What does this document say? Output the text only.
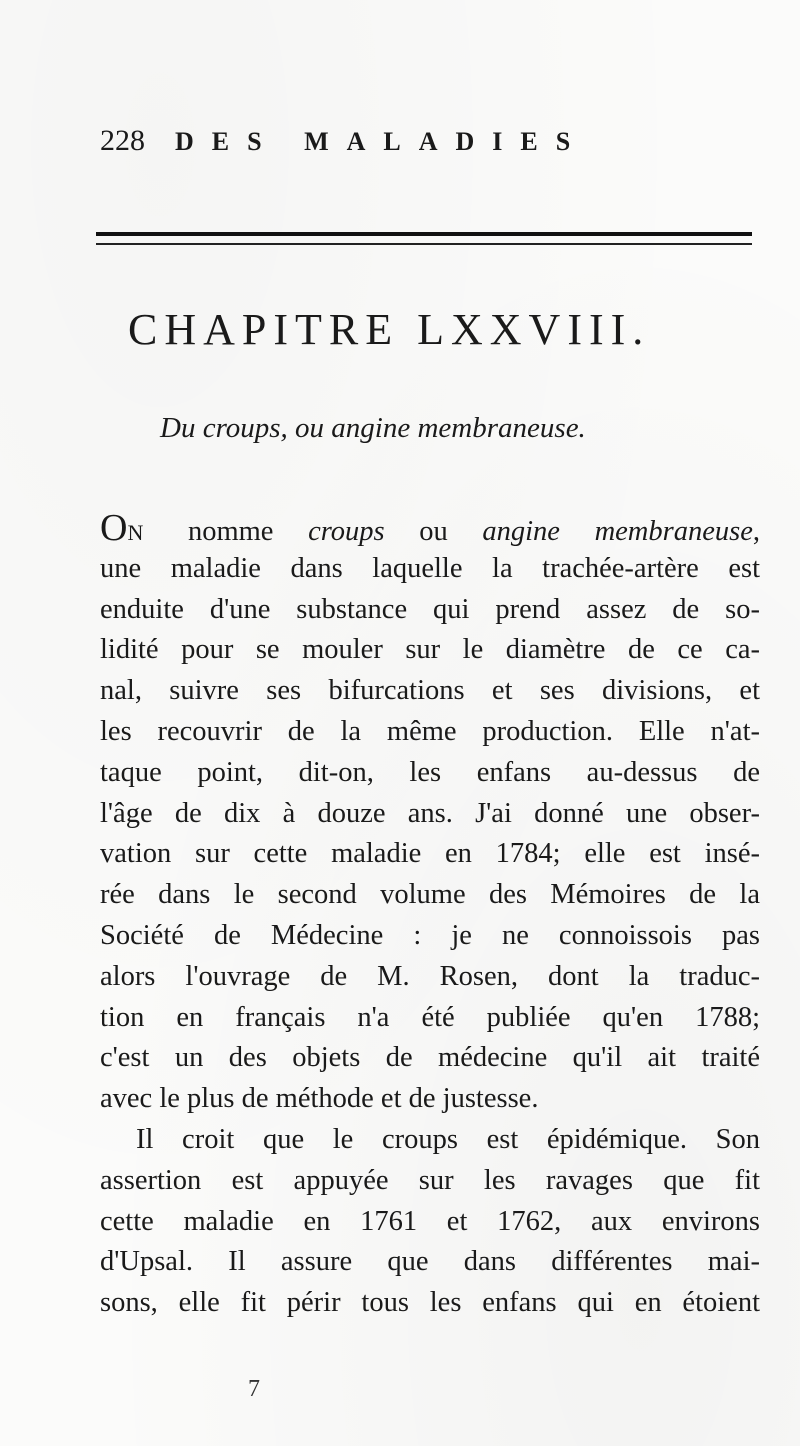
228 DES MALADIES
CHAPITRE LXXVIII.
Du croups, ou angine membraneuse.
ON nomme croups ou angine membraneuse,
une maladie dans laquelle la trachée-artère est
enduite d'une substance qui prend assez de so-
lidité pour se mouler sur le diamètre de ce ca-
nal, suivre ses bifurcations et ses divisions, et
les recouvrir de la même production. Elle n'at-
taque point, dit-on, les enfans au-dessus de
l'âge de dix à douze ans. J'ai donné une obser-
vation sur cette maladie en 1784; elle est insé-
rée dans le second volume des Mémoires de la
Société de Médecine : je ne connoissois pas
alors l'ouvrage de M. Rosen, dont la traduc-
tion en français n'a été publiée qu'en 1788;
c'est un des objets de médecine qu'il ait traité
avec le plus de méthode et de justesse.
Il croit que le croups est épidémique. Son
assertion est appuyée sur les ravages que fit
cette maladie en 1761 et 1762, aux environs
d'Upsal. Il assure que dans différentes mai-
sons, elle fit périr tous les enfans qui en étoient
7
